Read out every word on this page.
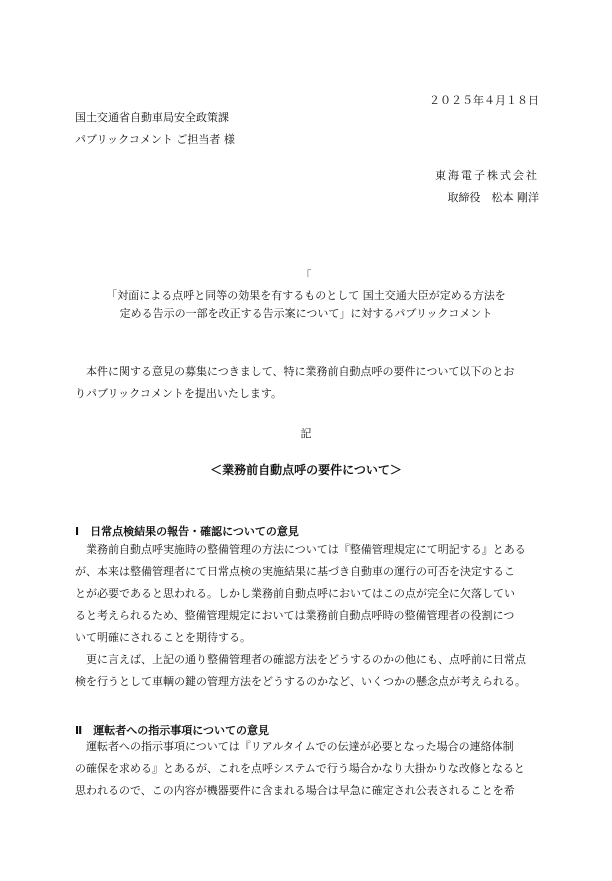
２０２５年４月１８日
国土交通省自動車局安全政策課
パブリックコメント ご担当者 様
東海電子株式会社
取締役　松本 剛洋
「
「対面による点呼と同等の効果を有するものとして 国土交通大臣が定める方法を
定める告示の一部を改正する告示案について」に対するパブリックコメント
本件に関する意見の募集につきまして、特に業務前自動点呼の要件について以下のとお
りパブリックコメントを提出いたします。
記
＜業務前自動点呼の要件について＞
Ⅰ　日常点検結果の報告・確認についての意見
業務前自動点呼実施時の整備管理の方法については『整備管理規定にて明記する』とある
が、本来は整備管理者にて日常点検の実施結果に基づき自動車の運行の可否を決定するこ
とが必要であると思われる。しかし業務前自動点呼においてはこの点が完全に欠落してい
ると考えられるため、整備管理規定においては業務前自動点呼時の整備管理者の役割につ
いて明確にされることを期待する。
更に言えば、上記の通り整備管理者の確認方法をどうするのかの他にも、点呼前に日常点
検を行うとして車輌の鍵の管理方法をどうするのかなど、いくつかの懸念点が考えられる。
Ⅱ　運転者への指示事項についての意見
運転者への指示事項については『リアルタイムでの伝達が必要となった場合の連絡体制
の確保を求める』とあるが、これを点呼システムで行う場合かなり大掛かりな改修となると
思われるので、この内容が機器要件に含まれる場合は早急に確定され公表されることを希
